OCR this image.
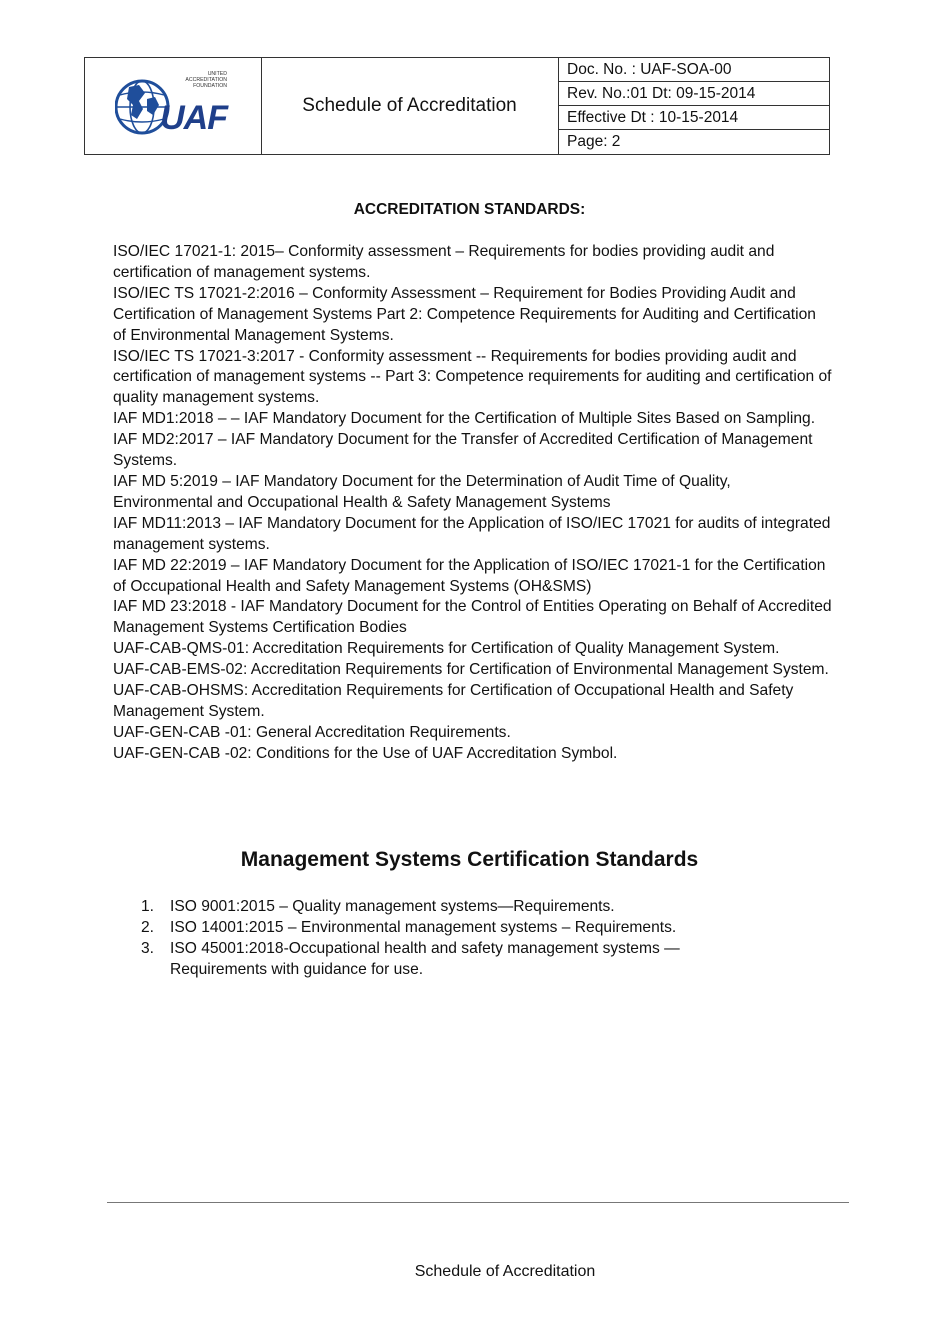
UNITED
ACCREDITATION
FOUNDATION
UAF	Schedule of Accreditation
Doc. No. : UAF-SOA-00
Rev. No.:01 Dt: 09-15-2014
Effective Dt : 10-15-2014
Page: 2
ACCREDITATION STANDARDS:
ISO/IEC 17021-1: 2015– Conformity assessment – Requirements for bodies providing audit and certification of management systems.
ISO/IEC TS 17021-2:2016 – Conformity Assessment – Requirement for Bodies Providing Audit and Certification of Management Systems Part 2: Competence Requirements for Auditing and Certification of Environmental Management Systems.
ISO/IEC TS 17021-3:2017 - Conformity assessment -- Requirements for bodies providing audit and certification of management systems -- Part 3: Competence requirements for auditing and certification of quality management systems.
IAF MD1:2018 – – IAF Mandatory Document for the Certification of Multiple Sites Based on Sampling.
IAF MD2:2017 – IAF Mandatory Document for the Transfer of Accredited Certification of Management Systems.
IAF MD 5:2019 – IAF Mandatory Document for the Determination of Audit Time of Quality, Environmental and Occupational Health & Safety Management Systems
IAF MD11:2013 – IAF Mandatory Document for the Application of ISO/IEC 17021 for audits of integrated management systems.
IAF MD 22:2019 – IAF Mandatory Document for the Application of ISO/IEC 17021-1 for the Certification of Occupational Health and Safety Management Systems (OH&SMS)
IAF MD 23:2018 - IAF Mandatory Document for the Control of Entities Operating on Behalf of Accredited Management Systems Certification Bodies
UAF-CAB-QMS-01: Accreditation Requirements for Certification of Quality Management System.
UAF-CAB-EMS-02: Accreditation Requirements for Certification of Environmental Management System.
UAF-CAB-OHSMS: Accreditation Requirements for Certification of Occupational Health and Safety Management System.
UAF-GEN-CAB -01: General Accreditation Requirements.
UAF-GEN-CAB -02: Conditions for the Use of UAF Accreditation Symbol.
Management Systems Certification Standards
1. ISO 9001:2015 – Quality management systems—Requirements.
2. ISO 14001:2015 – Environmental management systems – Requirements.
3. ISO 45001:2018-Occupational health and safety management systems — Requirements with guidance for use.
Schedule of Accreditation
